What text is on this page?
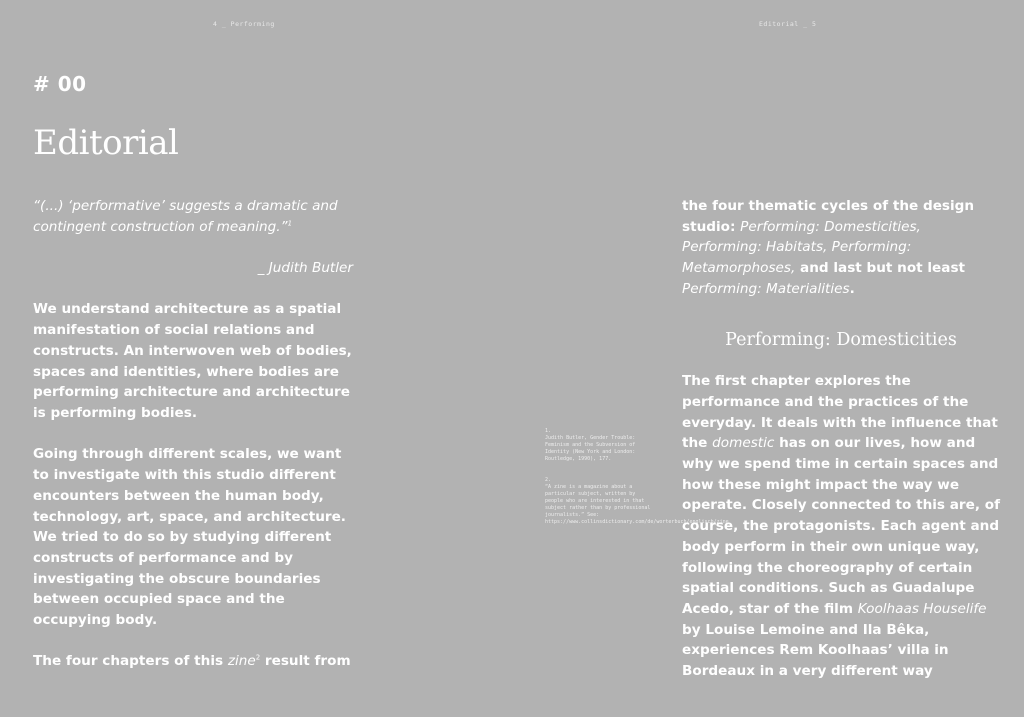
4 _ Performing	Editorial _ 5
# 00
Editorial

“(...) ‘performative’ suggests a dramatic and contingent construction of meaning.”$^1$

_ Judith Butler

We understand architecture as a spatial manifestation of social relations and constructs. An interwoven web of bodies, spaces and identities, where bodies are performing architecture and architecture is performing bodies.

Going through different scales, we want to investigate with this studio different encounters between the human body, technology, art, space, and architecture. We tried to do so by studying different constructs of performance and by investigating the obscure boundaries between occupied space and the occupying body.

The four chapters of this zine$^2$ result from

1.
Judith Butler, Gender Trouble: Feminism and the Subversion of Identity (New York and London: Routledge, 1990), 177.
2.
“A zine is a magazine about a particular subject, written by people who are interested in that subject rather than by professional journalists.” See: https://www.collinsdictionary.com/de/worterbuch/englisch/zine

the four thematic cycles of the design studio: Performing: Domesticities, Performing: Habitats, Performing: Metamorphoses, and last but not least Performing: Materialities.

Performing: Domesticities

The first chapter explores the performance and the practices of the everyday. It deals with the influence that the domestic has on our lives, how and why we spend time in certain spaces and how these might impact the way we operate. Closely connected to this are, of course, the protagonists. Each agent and body perform in their own unique way, following the choreography of certain spatial conditions. Such as Guadalupe Acedo, star of the film Koolhaas Houselife by Louise Lemoine and Ila Bêka, experiences Rem Koolhaas’ villa in Bordeaux in a very different way
